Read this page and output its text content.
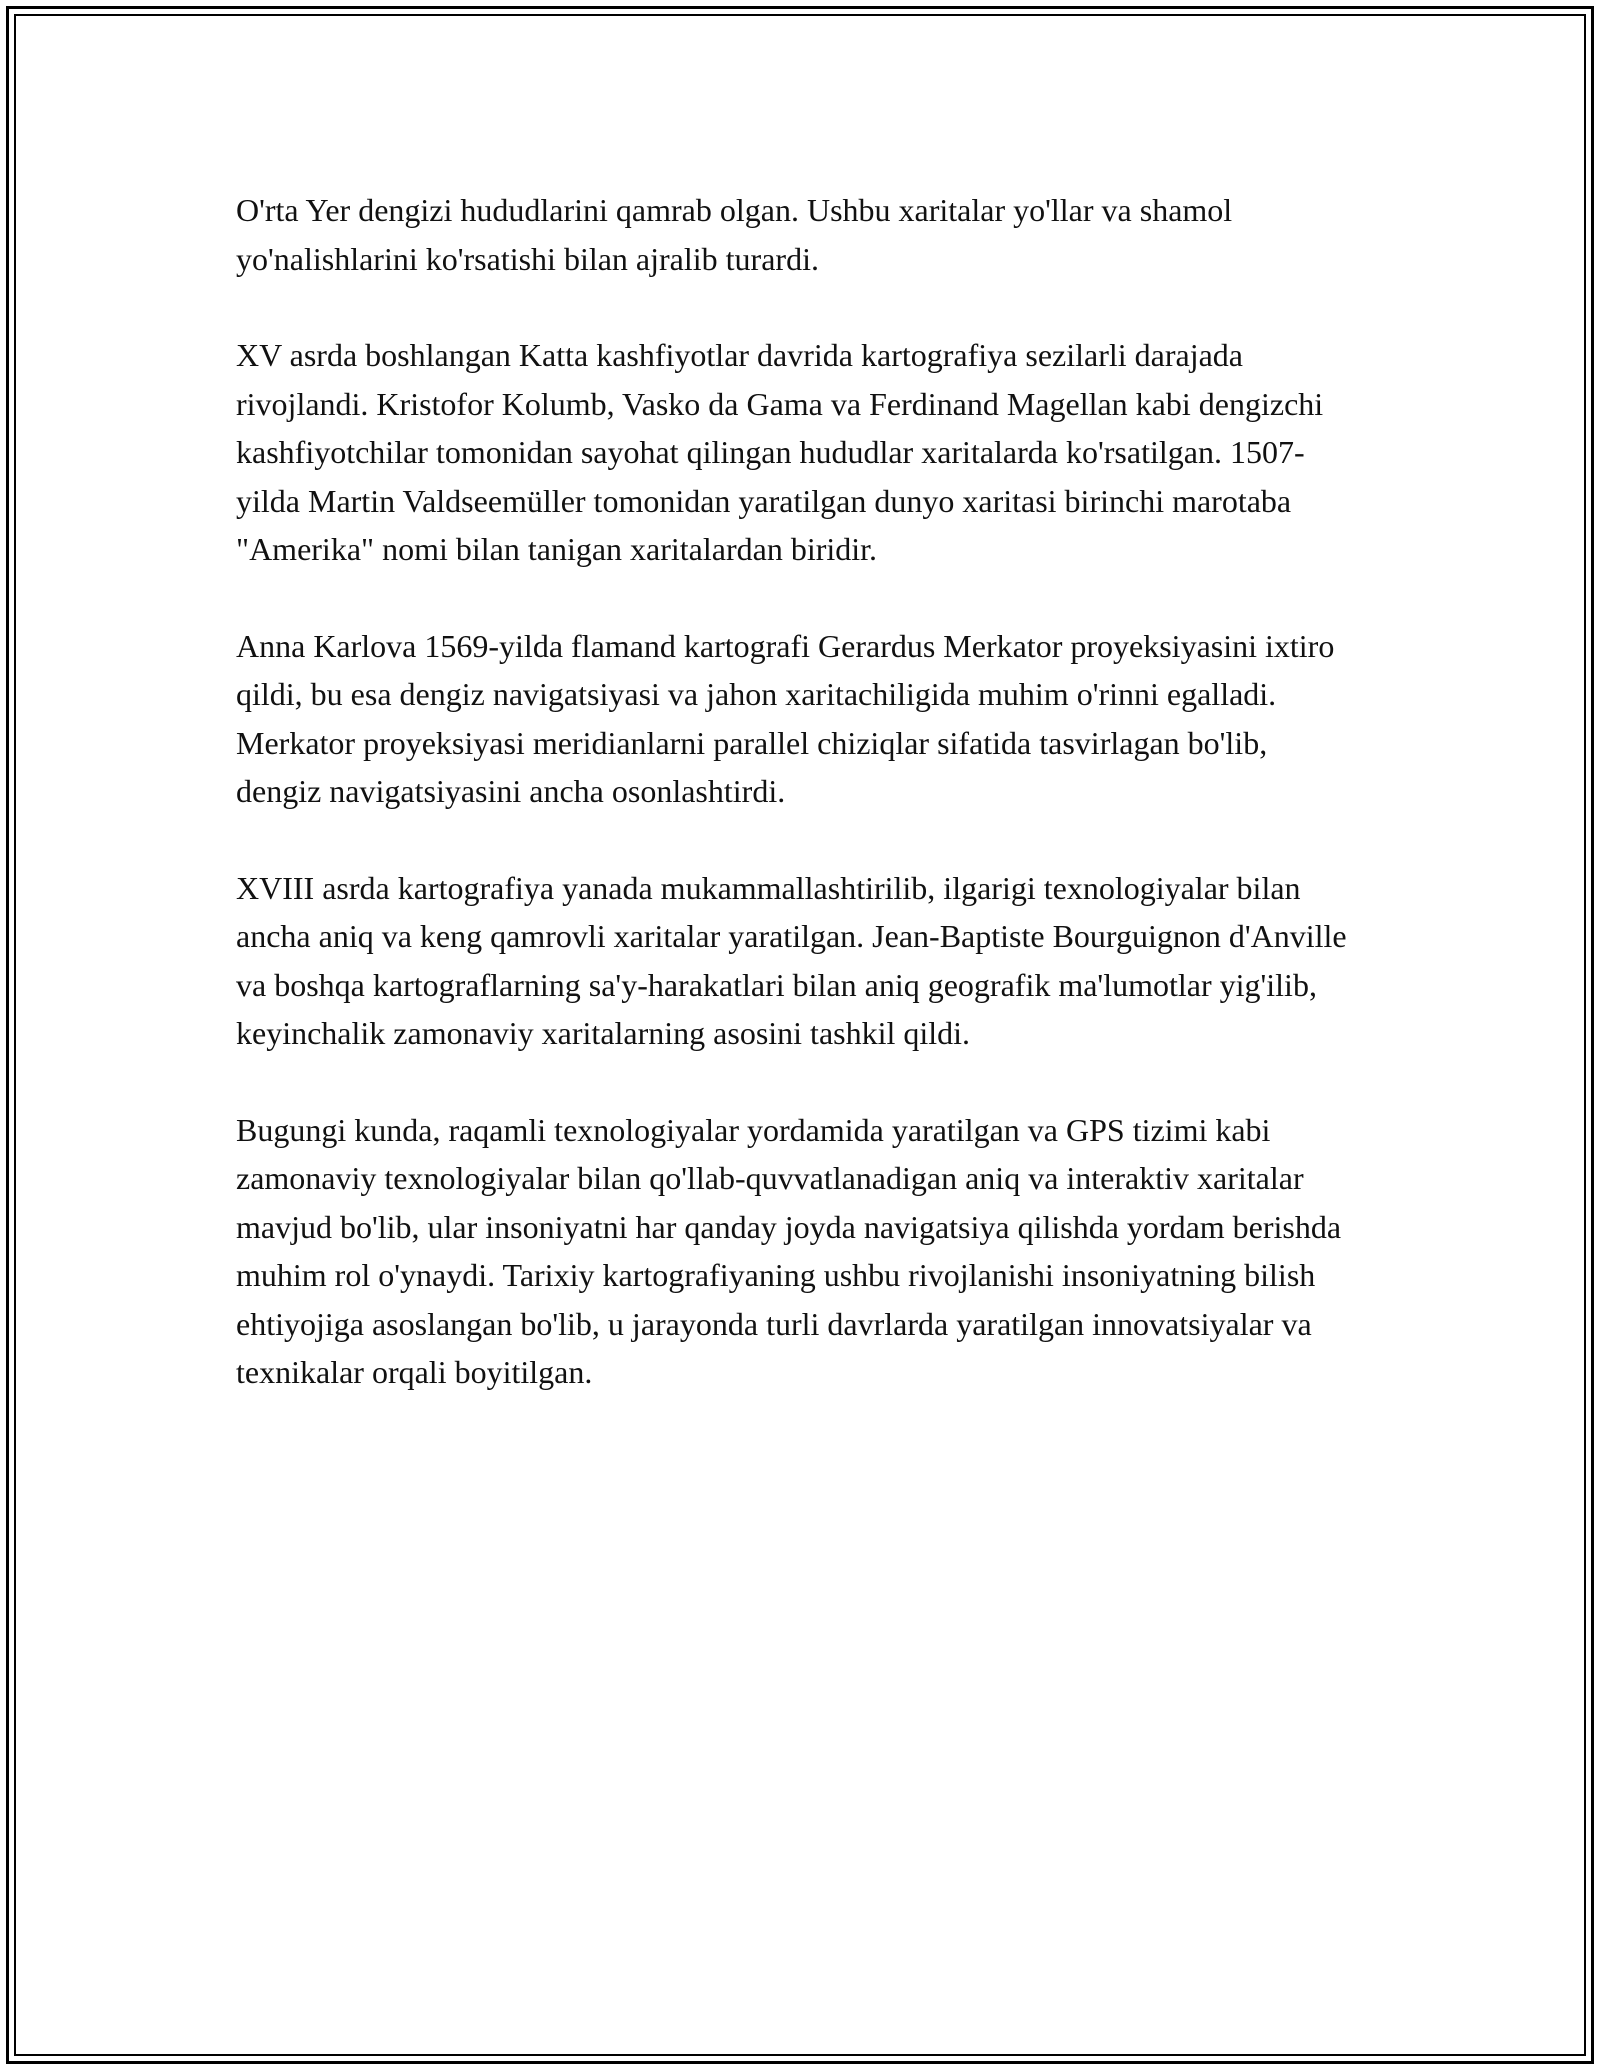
O'rta Yer dengizi hududlarini qamrab olgan. Ushbu xaritalar yo'llar va shamol yo'nalishlarini ko'rsatishi bilan ajralib turardi.

XV asrda boshlangan Katta kashfiyotlar davrida kartografiya sezilarli darajada rivojlandi. Kristofor Kolumb, Vasko da Gama va Ferdinand Magellan kabi dengizchi kashfiyotchilar tomonidan sayohat qilingan hududlar xaritalarda ko'rsatilgan. 1507-yilda Martin Valdseemüller tomonidan yaratilgan dunyo xaritasi birinchi marotaba "Amerika" nomi bilan tanigan xaritalardan biridir.

Anna Karlova 1569-yilda flamand kartografi Gerardus Merkator proyeksiyasini ixtiro qildi, bu esa dengiz navigatsiyasi va jahon xaritachiligida muhim o'rinni egalladi. Merkator proyeksiyasi meridianlarni parallel chiziqlar sifatida tasvirlagan bo'lib, dengiz navigatsiyasini ancha osonlashtirdi.

XVIII asrda kartografiya yanada mukammallashtirilib, ilgarigi texnologiyalar bilan ancha aniq va keng qamrovli xaritalar yaratilgan. Jean-Baptiste Bourguignon d'Anville va boshqa kartograflarning sa'y-harakatlari bilan aniq geografik ma'lumotlar yig'ilib, keyinchalik zamonaviy xaritalarning asosini tashkil qildi.

Bugungi kunda, raqamli texnologiyalar yordamida yaratilgan va GPS tizimi kabi zamonaviy texnologiyalar bilan qo'llab-quvvatlanadigan aniq va interaktiv xaritalar mavjud bo'lib, ular insoniyatni har qanday joyda navigatsiya qilishda yordam berishda muhim rol o'ynaydi. Tarixiy kartografiyaning ushbu rivojlanishi insoniyatning bilish ehtiyojiga asoslangan bo'lib, u jarayonda turli davrlarda yaratilgan innovatsiyalar va texnikalar orqali boyitilgan.
